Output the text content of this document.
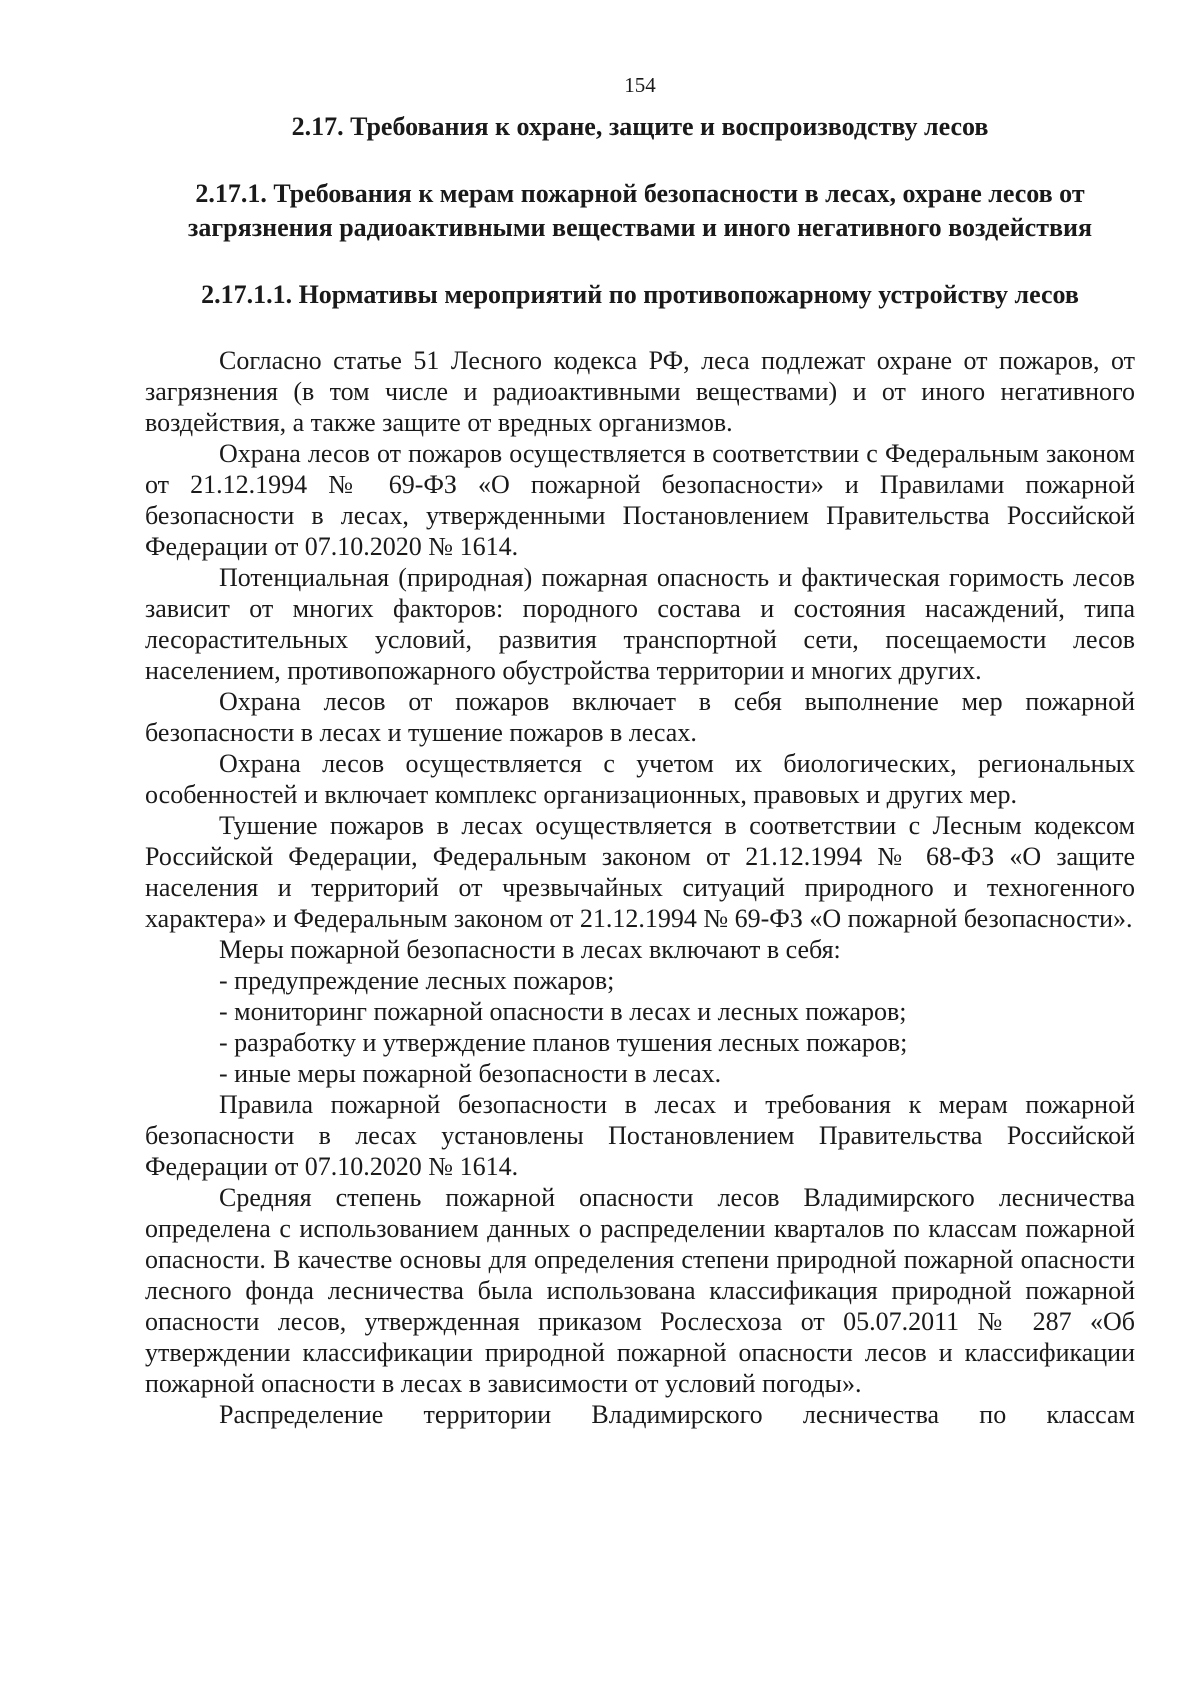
154
2.17. Требования к охране, защите и воспроизводству лесов
2.17.1. Требования к мерам пожарной безопасности в лесах, охране лесов от загрязнения радиоактивными веществами и иного негативного воздействия
2.17.1.1. Нормативы мероприятий по противопожарному устройству лесов

Согласно статье 51 Лесного кодекса РФ, леса подлежат охране от пожаров, от загрязнения (в том числе и радиоактивными веществами) и от иного негативного воздействия, а также защите от вредных организмов.

Охрана лесов от пожаров осуществляется в соответствии с Федеральным законом от 21.12.1994 № 69-ФЗ «О пожарной безопасности» и Правилами пожарной безопасности в лесах, утвержденными Постановлением Правительства Российской Федерации от 07.10.2020 № 1614.

Потенциальная (природная) пожарная опасность и фактическая горимость лесов зависит от многих факторов: породного состава и состояния насаждений, типа лесорастительных условий, развития транспортной сети, посещаемости лесов населением, противопожарного обустройства территории и многих других.

Охрана лесов от пожаров включает в себя выполнение мер пожарной безопасности в лесах и тушение пожаров в лесах.

Охрана лесов осуществляется с учетом их биологических, региональных особенностей и включает комплекс организационных, правовых и других мер.

Тушение пожаров в лесах осуществляется в соответствии с Лесным кодексом Российской Федерации, Федеральным законом от 21.12.1994 № 68-ФЗ «О защите населения и территорий от чрезвычайных ситуаций природного и техногенного характера» и Федеральным законом от 21.12.1994 № 69-ФЗ «О пожарной безопасности».

Меры пожарной безопасности в лесах включают в себя:

- предупреждение лесных пожаров;

- мониторинг пожарной опасности в лесах и лесных пожаров;

- разработку и утверждение планов тушения лесных пожаров;

- иные меры пожарной безопасности в лесах.

Правила пожарной безопасности в лесах и требования к мерам пожарной безопасности в лесах установлены Постановлением Правительства Российской Федерации от 07.10.2020 № 1614.

Средняя степень пожарной опасности лесов Владимирского лесничества определена с использованием данных о распределении кварталов по классам пожарной опасности. В качестве основы для определения степени природной пожарной опасности лесного фонда лесничества была использована классификация природной пожарной опасности лесов, утвержденная приказом Рослесхоза от 05.07.2011 № 287 «Об утверждении классификации природной пожарной опасности лесов и классификации пожарной опасности в лесах в зависимости от условий погоды».

Распределение территории Владимирского лесничества по классам
